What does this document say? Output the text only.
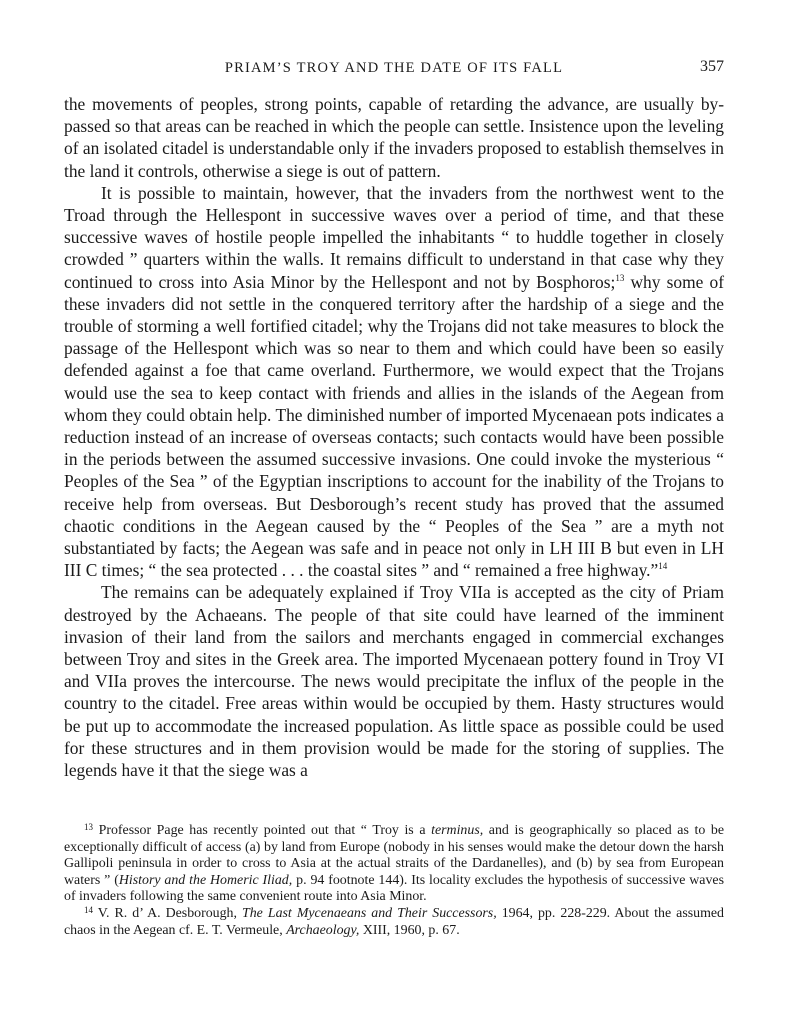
PRIAM’S TROY AND THE DATE OF ITS FALL	357

the movements of peoples, strong points, capable of retarding the advance, are usually by-passed so that areas can be reached in which the people can settle. Insistence upon the leveling of an isolated citadel is understandable only if the invaders proposed to establish themselves in the land it controls, otherwise a siege is out of pattern.

It is possible to maintain, however, that the invaders from the northwest went to the Troad through the Hellespont in successive waves over a period of time, and that these successive waves of hostile people impelled the inhabitants “ to huddle together in closely crowded ” quarters within the walls. It remains difficult to understand in that case why they continued to cross into Asia Minor by the Hellespont and not by Bosphoros;$^{13}$ why some of these invaders did not settle in the conquered territory after the hardship of a siege and the trouble of storming a well fortified citadel; why the Trojans did not take measures to block the passage of the Hellespont which was so near to them and which could have been so easily defended against a foe that came overland. Furthermore, we would expect that the Trojans would use the sea to keep contact with friends and allies in the islands of the Aegean from whom they could obtain help. The diminished number of imported Mycenaean pots indicates a reduction instead of an increase of overseas contacts; such contacts would have been possible in the periods between the assumed successive invasions. One could invoke the mysterious “ Peoples of the Sea ” of the Egyptian inscriptions to account for the inability of the Trojans to receive help from overseas. But Desborough’s recent study has proved that the assumed chaotic conditions in the Aegean caused by the “ Peoples of the Sea ” are a myth not substantiated by facts; the Aegean was safe and in peace not only in LH III B but even in LH III C times; “ the sea protected . . . the coastal sites ” and “ remained a free highway.”$^{14}$

The remains can be adequately explained if Troy VIIa is accepted as the city of Priam destroyed by the Achaeans. The people of that site could have learned of the imminent invasion of their land from the sailors and merchants engaged in commercial exchanges between Troy and sites in the Greek area. The imported Mycenaean pottery found in Troy VI and VIIa proves the intercourse. The news would precipitate the influx of the people in the country to the citadel. Free areas within would be occupied by them. Hasty structures would be put up to accommodate the increased population. As little space as possible could be used for these structures and in them provision would be made for the storing of supplies. The legends have it that the siege was a

$^{13}$ Professor Page has recently pointed out that “ Troy is a terminus, and is geographically so placed as to be exceptionally difficult of access (a) by land from Europe (nobody in his senses would make the detour down the harsh Gallipoli peninsula in order to cross to Asia at the actual straits of the Dardanelles), and (b) by sea from European waters ” (History and the Homeric Iliad, p. 94 footnote 144). Its locality excludes the hypothesis of successive waves of invaders following the same convenient route into Asia Minor.

$^{14}$ V. R. d’ A. Desborough, The Last Mycenaeans and Their Successors, 1964, pp. 228-229. About the assumed chaos in the Aegean cf. E. T. Vermeule, Archaeology, XIII, 1960, p. 67.
